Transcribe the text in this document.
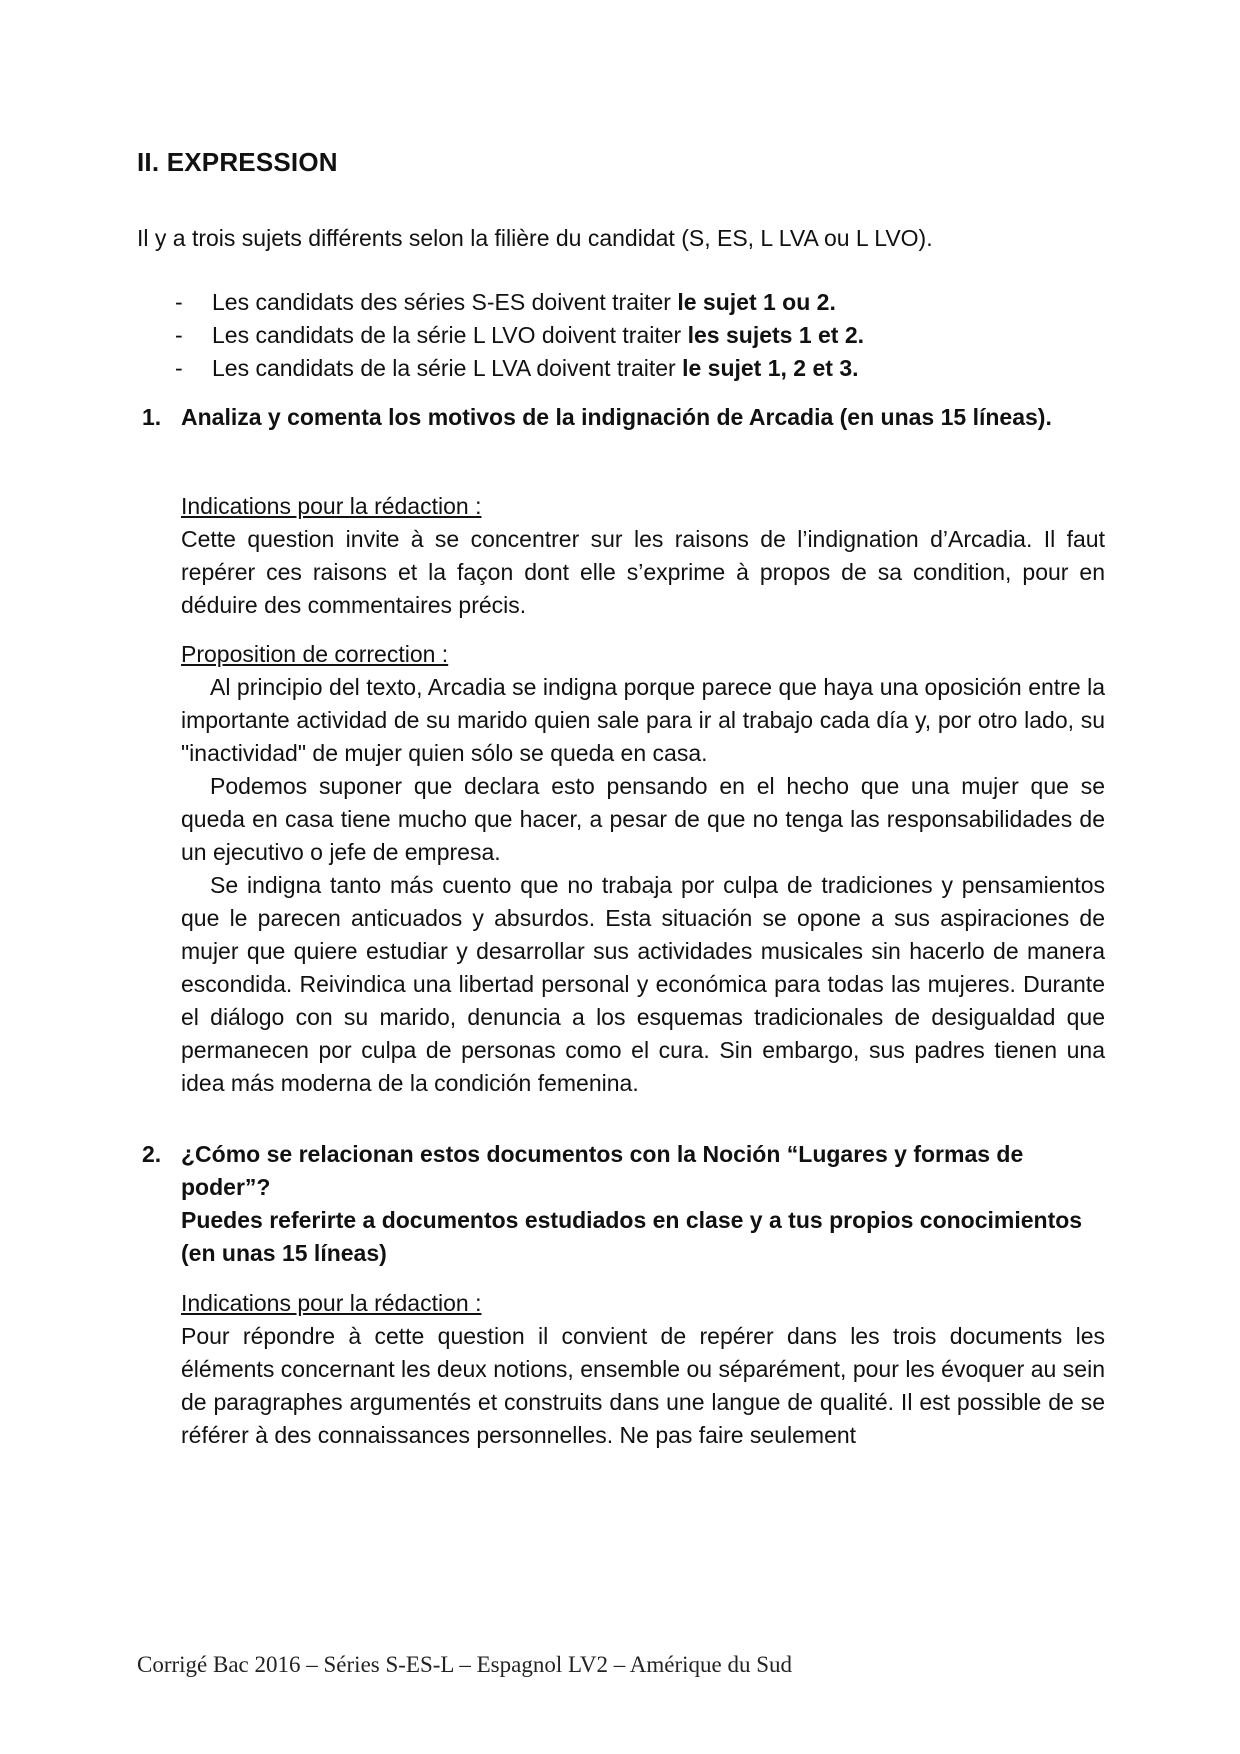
II. EXPRESSION
Il y a trois sujets différents selon la filière du candidat (S, ES, L LVA ou L LVO).
- Les candidats des séries S-ES doivent traiter le sujet 1 ou 2.
- Les candidats de la série L LVO doivent traiter les sujets 1 et 2.
- Les candidats de la série L LVA doivent traiter le sujet 1, 2 et 3.
1. Analiza y comenta los motivos de la indignación de Arcadia (en unas 15 líneas).
Indications pour la rédaction :

Cette question invite à se concentrer sur les raisons de l’indignation d’Arcadia. Il faut repérer ces raisons et la façon dont elle s’exprime à propos de sa condition, pour en déduire des commentaires précis.

Proposition de correction :

Al principio del texto, Arcadia se indigna porque parece que haya una oposición entre la importante actividad de su marido quien sale para ir al trabajo cada día y, por otro lado, su "inactividad" de mujer quien sólo se queda en casa.

Podemos suponer que declara esto pensando en el hecho que una mujer que se queda en casa tiene mucho que hacer, a pesar de que no tenga las responsabilidades de un ejecutivo o jefe de empresa.

Se indigna tanto más cuento que no trabaja por culpa de tradiciones y pensamientos que le parecen anticuados y absurdos. Esta situación se opone a sus aspiraciones de mujer que quiere estudiar y desarrollar sus actividades musicales sin hacerlo de manera escondida. Reivindica una libertad personal y económica para todas las mujeres. Durante el diálogo con su marido, denuncia a los esquemas tradicionales de desigualdad que permanecen por culpa de personas como el cura. Sin embargo, sus padres tienen una idea más moderna de la condición femenina.

2. ¿Cómo se relacionan estos documentos con la Noción “Lugares y formas de poder”?
Puedes referirte a documentos estudiados en clase y a tus propios conocimientos (en unas 15 líneas)
Indications pour la rédaction :

Pour répondre à cette question il convient de repérer dans les trois documents les éléments concernant les deux notions, ensemble ou séparément, pour les évoquer au sein de paragraphes argumentés et construits dans une langue de qualité. Il est possible de se référer à des connaissances personnelles. Ne pas faire seulement

Corrigé Bac 2016 – Séries S-ES-L – Espagnol LV2 – Amérique du Sud
